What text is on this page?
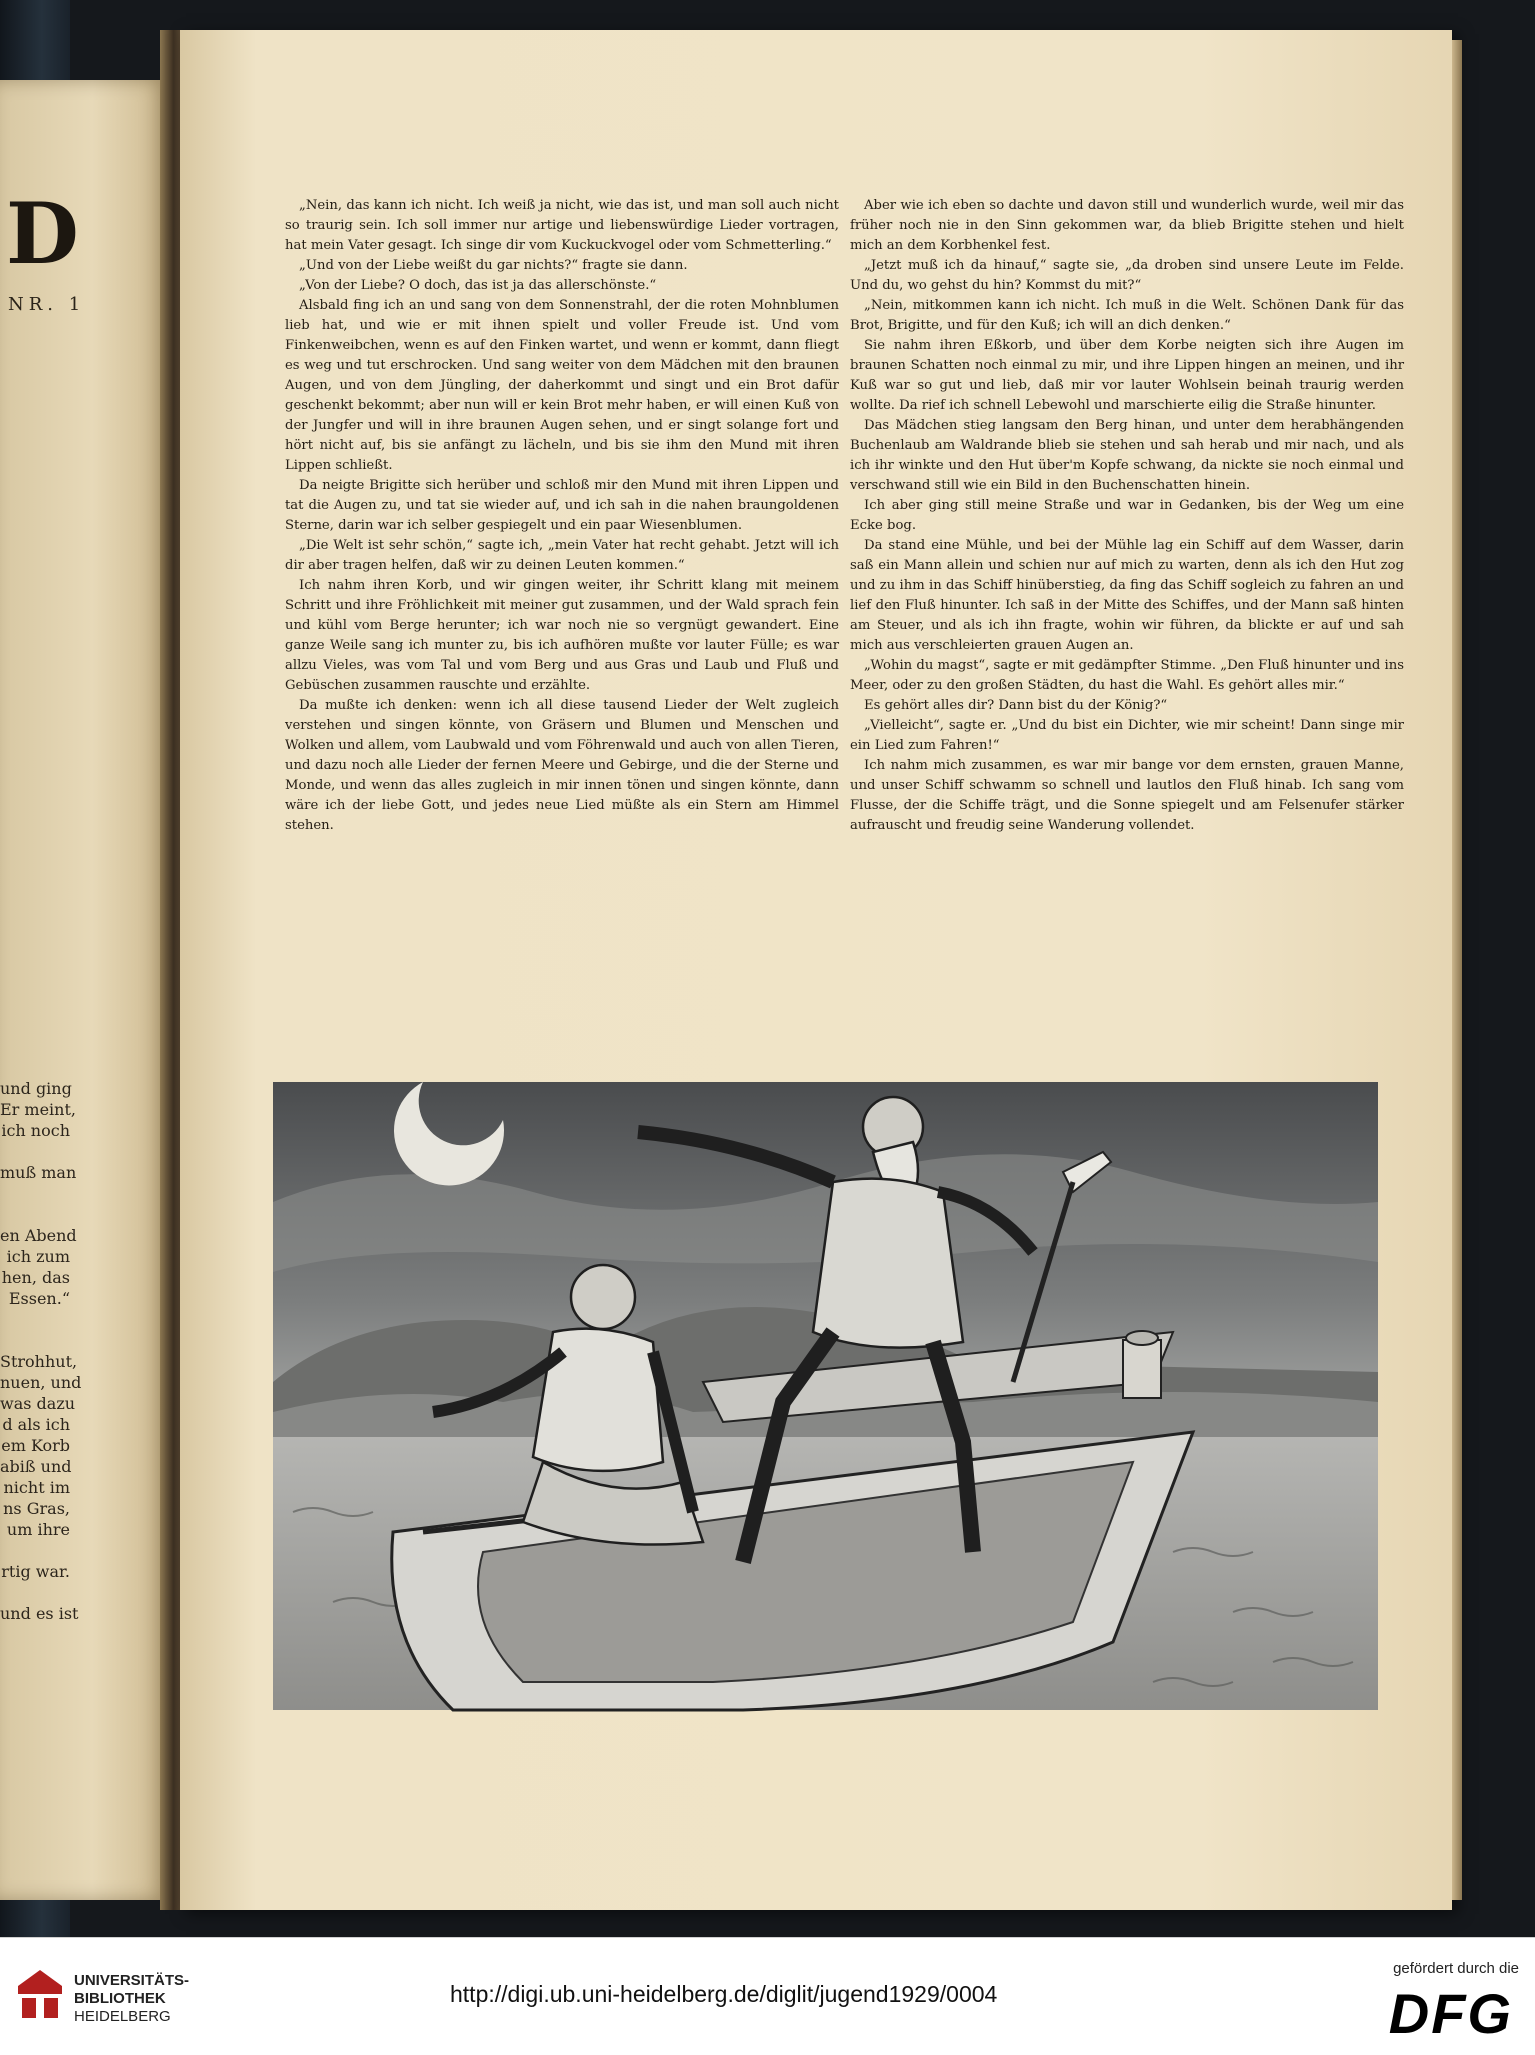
D
NR. 1
und ging
Er meint,
ich noch
muß man
en Abend
ich zum
hen, das
Essen.“
Strohhut,
nuen, und
was dazu
d als ich
em Korb
abiß und
nicht im
ns Gras,
um ihre
rtig war.
und es ist

„Nein, das kann ich nicht. Ich weiß ja nicht, wie das ist, und man soll auch nicht so traurig sein. Ich soll immer nur artige und liebenswürdige Lieder vortragen, hat mein Vater gesagt. Ich singe dir vom Kuckuckvogel oder vom Schmetterling.“

„Und von der Liebe weißt du gar nichts?“ fragte sie dann.

„Von der Liebe? O doch, das ist ja das allerschönste.“

Alsbald fing ich an und sang von dem Sonnenstrahl, der die roten Mohnblumen lieb hat, und wie er mit ihnen spielt und voller Freude ist. Und vom Finkenweibchen, wenn es auf den Finken wartet, und wenn er kommt, dann fliegt es weg und tut erschrocken. Und sang weiter von dem Mädchen mit den braunen Augen, und von dem Jüngling, der daherkommt und singt und ein Brot dafür geschenkt bekommt; aber nun will er kein Brot mehr haben, er will einen Kuß von der Jungfer und will in ihre braunen Augen sehen, und er singt solange fort und hört nicht auf, bis sie anfängt zu lächeln, und bis sie ihm den Mund mit ihren Lippen schließt.

Da neigte Brigitte sich herüber und schloß mir den Mund mit ihren Lippen und tat die Augen zu, und tat sie wieder auf, und ich sah in die nahen braungoldenen Sterne, darin war ich selber gespiegelt und ein paar Wiesenblumen.

„Die Welt ist sehr schön,“ sagte ich, „mein Vater hat recht gehabt. Jetzt will ich dir aber tragen helfen, daß wir zu deinen Leuten kommen.“

Ich nahm ihren Korb, und wir gingen weiter, ihr Schritt klang mit meinem Schritt und ihre Fröhlichkeit mit meiner gut zusammen, und der Wald sprach fein und kühl vom Berge herunter; ich war noch nie so vergnügt gewandert. Eine ganze Weile sang ich munter zu, bis ich aufhören mußte vor lauter Fülle; es war allzu Vieles, was vom Tal und vom Berg und aus Gras und Laub und Fluß und Gebüschen zusammen rauschte und erzählte.

Da mußte ich denken: wenn ich all diese tausend Lieder der Welt zugleich verstehen und singen könnte, von Gräsern und Blumen und Menschen und Wolken und allem, vom Laubwald und vom Föhrenwald und auch von allen Tieren, und dazu noch alle Lieder der fernen Meere und Gebirge, und die der Sterne und Monde, und wenn das alles zugleich in mir innen tönen und singen könnte, dann wäre ich der liebe Gott, und jedes neue Lied müßte als ein Stern am Himmel stehen.

Aber wie ich eben so dachte und davon still und wunderlich wurde, weil mir das früher noch nie in den Sinn gekommen war, da blieb Brigitte stehen und hielt mich an dem Korbhenkel fest.

„Jetzt muß ich da hinauf,“ sagte sie, „da droben sind unsere Leute im Felde. Und du, wo gehst du hin? Kommst du mit?“

„Nein, mitkommen kann ich nicht. Ich muß in die Welt. Schönen Dank für das Brot, Brigitte, und für den Kuß; ich will an dich denken.“

Sie nahm ihren Eßkorb, und über dem Korbe neigten sich ihre Augen im braunen Schatten noch einmal zu mir, und ihre Lippen hingen an meinen, und ihr Kuß war so gut und lieb, daß mir vor lauter Wohlsein beinah traurig werden wollte. Da rief ich schnell Lebewohl und marschierte eilig die Straße hinunter.

Das Mädchen stieg langsam den Berg hinan, und unter dem herabhängenden Buchenlaub am Waldrande blieb sie stehen und sah herab und mir nach, und als ich ihr winkte und den Hut über'm Kopfe schwang, da nickte sie noch einmal und verschwand still wie ein Bild in den Buchenschatten hinein.

Ich aber ging still meine Straße und war in Gedanken, bis der Weg um eine Ecke bog.

Da stand eine Mühle, und bei der Mühle lag ein Schiff auf dem Wasser, darin saß ein Mann allein und schien nur auf mich zu warten, denn als ich den Hut zog und zu ihm in das Schiff hinüberstieg, da fing das Schiff sogleich zu fahren an und lief den Fluß hinunter. Ich saß in der Mitte des Schiffes, und der Mann saß hinten am Steuer, und als ich ihn fragte, wohin wir führen, da blickte er auf und sah mich aus verschleierten grauen Augen an.

„Wohin du magst“, sagte er mit gedämpfter Stimme. „Den Fluß hinunter und ins Meer, oder zu den großen Städten, du hast die Wahl. Es gehört alles mir.“

Es gehört alles dir? Dann bist du der König?“

„Vielleicht“, sagte er. „Und du bist ein Dichter, wie mir scheint! Dann singe mir ein Lied zum Fahren!“

Ich nahm mich zusammen, es war mir bange vor dem ernsten, grauen Manne, und unser Schiff schwamm so schnell und lautlos den Fluß hinab. Ich sang vom Flusse, der die Schiffe trägt, und die Sonne spiegelt und am Felsenufer stärker aufrauscht und freudig seine Wanderung vollendet.

UNIVERSITÄTS-
BIBLIOTHEK
HEIDELBERG
http://digi.ub.uni-heidelberg.de/diglit/jugend1929/0004
gefördert durch die
DFG
